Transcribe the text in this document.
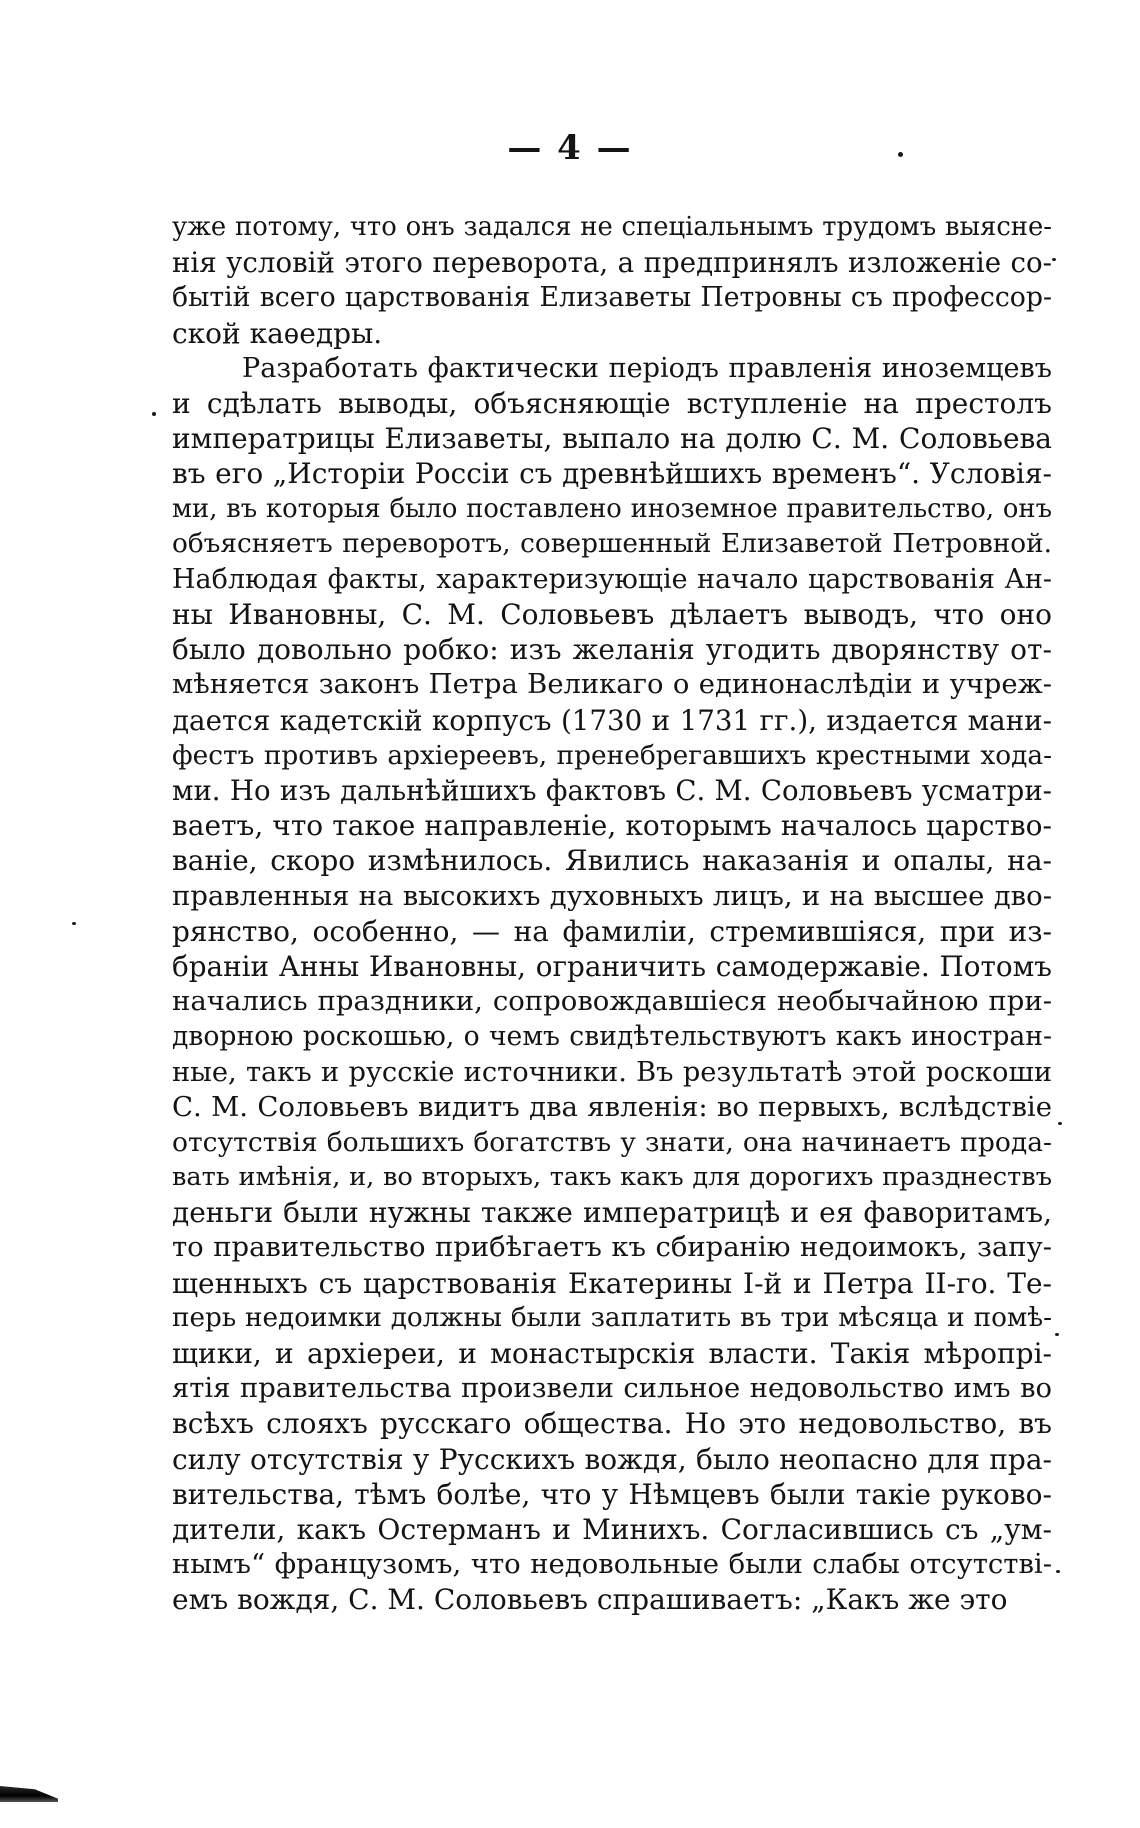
— 4 —
уже потому, что онъ задался не спеціальнымъ трудомъ выясне-
нія условій этого переворота, а предпринялъ изложеніе со-
бытій всего царствованія Елизаветы Петровны съ профессор-
ской каѳедры.
Разработать фактически періодъ правленія иноземцевъ
и сдѣлать выводы, объясняющіе вступленіе на престолъ
императрицы Елизаветы, выпало на долю С. М. Соловьева
въ его „Исторіи Россіи съ древнѣйшихъ временъ“. Условія-
ми, въ которыя было поставлено иноземное правительство, онъ
объясняетъ переворотъ, совершенный Елизаветой Петровной.
Наблюдая факты, характеризующіе начало царствованія Ан-
ны Ивановны, С. М. Соловьевъ дѣлаетъ выводъ, что оно
было довольно робко: изъ желанія угодить дворянству от-
мѣняется законъ Петра Великаго о единонаслѣдіи и учреж-
дается кадетскій корпусъ (1730 и 1731 гг.), издается мани-
фестъ противъ архіереевъ, пренебрегавшихъ крестными хода-
ми. Но изъ дальнѣйшихъ фактовъ С. М. Соловьевъ усматри-
ваетъ, что такое направленіе, которымъ началось царство-
ваніе, скоро измѣнилось. Явились наказанія и опалы, на-
правленныя на высокихъ духовныхъ лицъ, и на высшее дво-
рянство, особенно, — на фамиліи, стремившіяся, при из-
браніи Анны Ивановны, ограничить самодержавіе. Потомъ
начались праздники, сопровождавшіеся необычайною при-
дворною роскошью, о чемъ свидѣтельствуютъ какъ иностран-
ные, такъ и русскіе источники. Въ результатѣ этой роскоши
С. М. Соловьевъ видитъ два явленія: во первыхъ, вслѣдствіе
отсутствія большихъ богатствъ у знати, она начинаетъ прода-
вать имѣнія, и, во вторыхъ, такъ какъ для дорогихъ празднествъ
деньги были нужны также императрицѣ и ея фаворитамъ,
то правительство прибѣгаетъ къ сбиранію недоимокъ, запу-
щенныхъ съ царствованія Екатерины І-й и Петра ІІ-го. Те-
перь недоимки должны были заплатить въ три мѣсяца и помѣ-
щики, и архіереи, и монастырскія власти. Такія мѣропрі-
ятія правительства произвели сильное недовольство имъ во
всѣхъ слояхъ русскаго общества. Но это недовольство, въ
силу отсутствія у Русскихъ вождя, было неопасно для пра-
вительства, тѣмъ болѣе, что у Нѣмцевъ были такіе руково-
дители, какъ Остерманъ и Минихъ. Согласившись съ „ум-
нымъ“ французомъ, что недовольные были слабы отсутстві-
емъ вождя, С. М. Соловьевъ спрашиваетъ: „Какъ же это
